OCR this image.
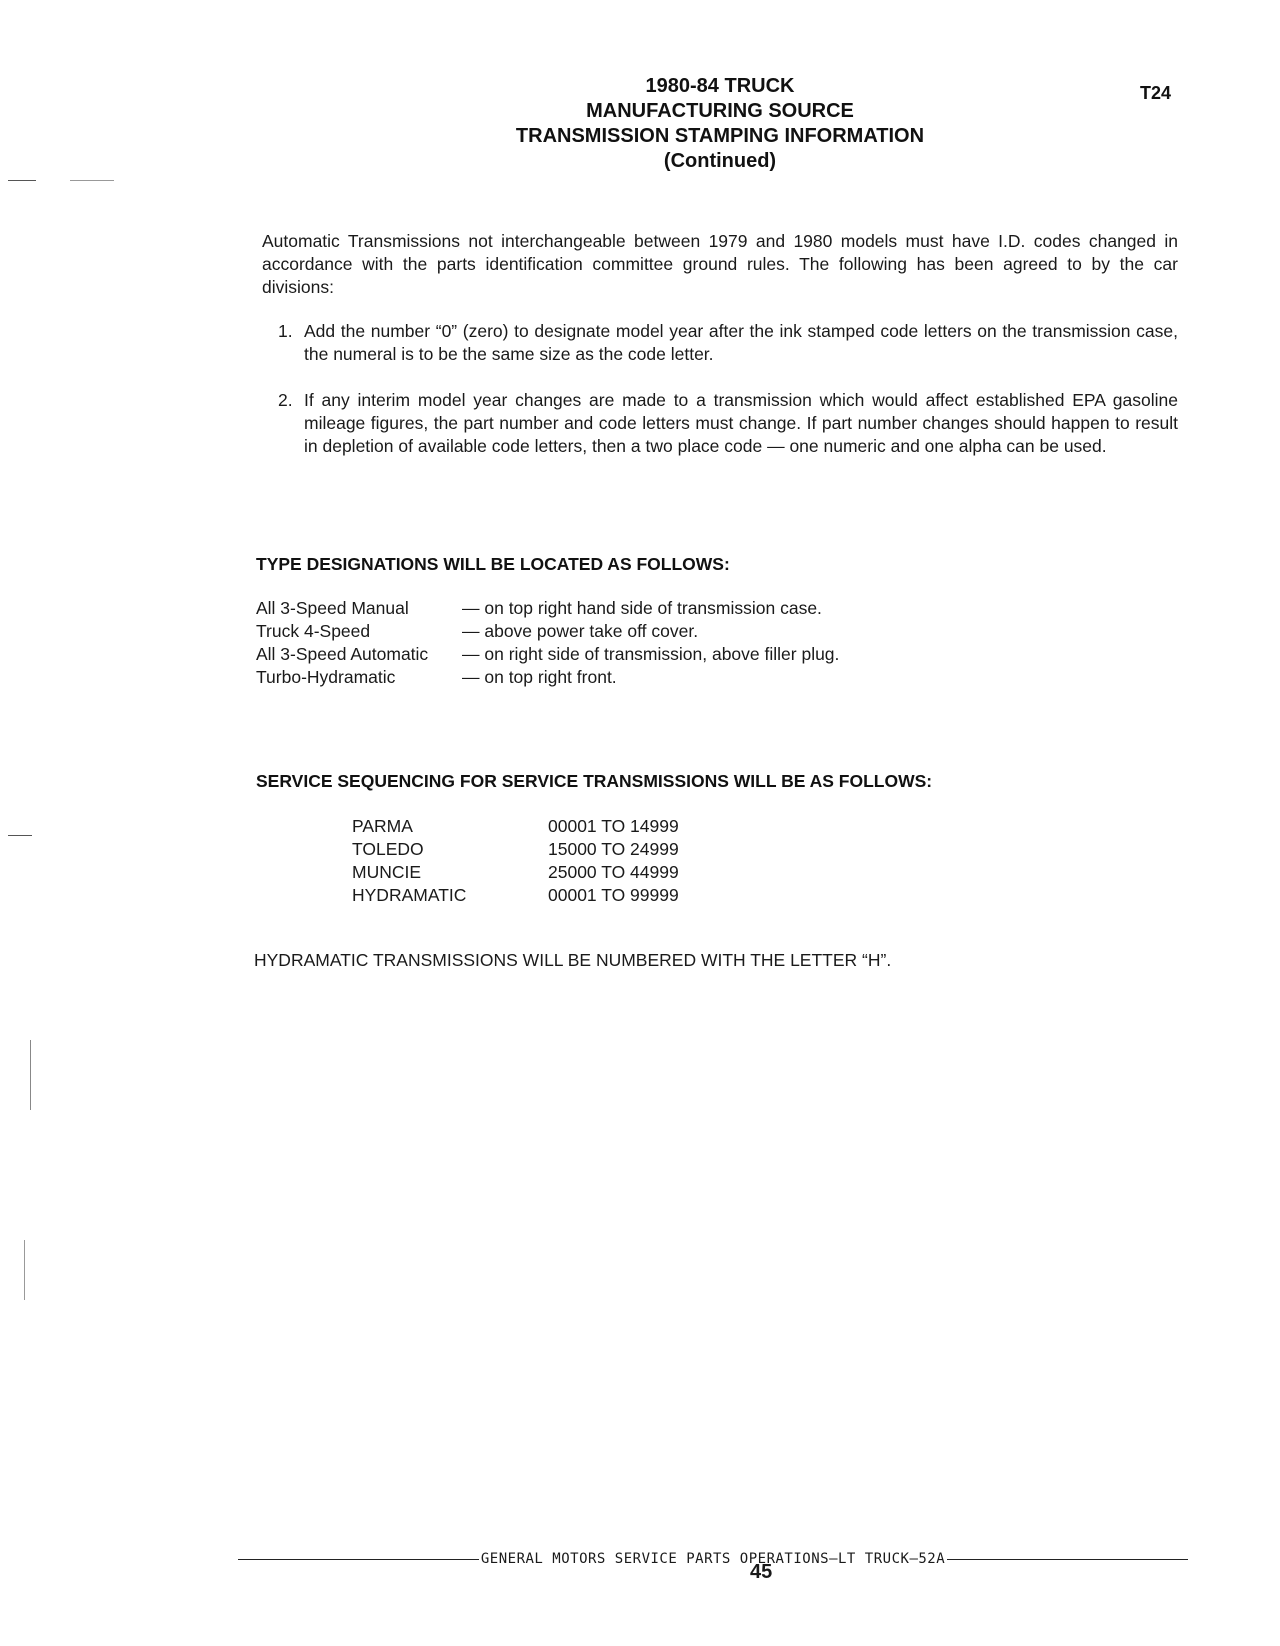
1980-84 TRUCK
MANUFACTURING SOURCE
TRANSMISSION STAMPING INFORMATION
(Continued)
T24
Automatic Transmissions not interchangeable between 1979 and 1980 models must have I.D. codes changed in accordance with the parts identification committee ground rules. The following has been agreed to by the car divisions:
1. Add the number “0” (zero) to designate model year after the ink stamped code letters on the transmission case, the numeral is to be the same size as the code letter.
2. If any interim model year changes are made to a transmission which would affect established EPA gasoline mileage figures, the part number and code letters must change. If part number changes should happen to result in depletion of available code letters, then a two place code — one numeric and one alpha can be used.
TYPE DESIGNATIONS WILL BE LOCATED AS FOLLOWS:
All 3-Speed Manual	— on top right hand side of transmission case.
Truck 4-Speed	— above power take off cover.
All 3-Speed Automatic	— on right side of transmission, above filler plug.
Turbo-Hydramatic	— on top right front.
SERVICE SEQUENCING FOR SERVICE TRANSMISSIONS WILL BE AS FOLLOWS:
PARMA	00001 TO 14999
TOLEDO	15000 TO 24999
MUNCIE	25000 TO 44999
HYDRAMATIC	00001 TO 99999
HYDRAMATIC TRANSMISSIONS WILL BE NUMBERED WITH THE LETTER “H”.
GENERAL MOTORS SERVICE PARTS OPERATIONS—LT TRUCK—52A
45
